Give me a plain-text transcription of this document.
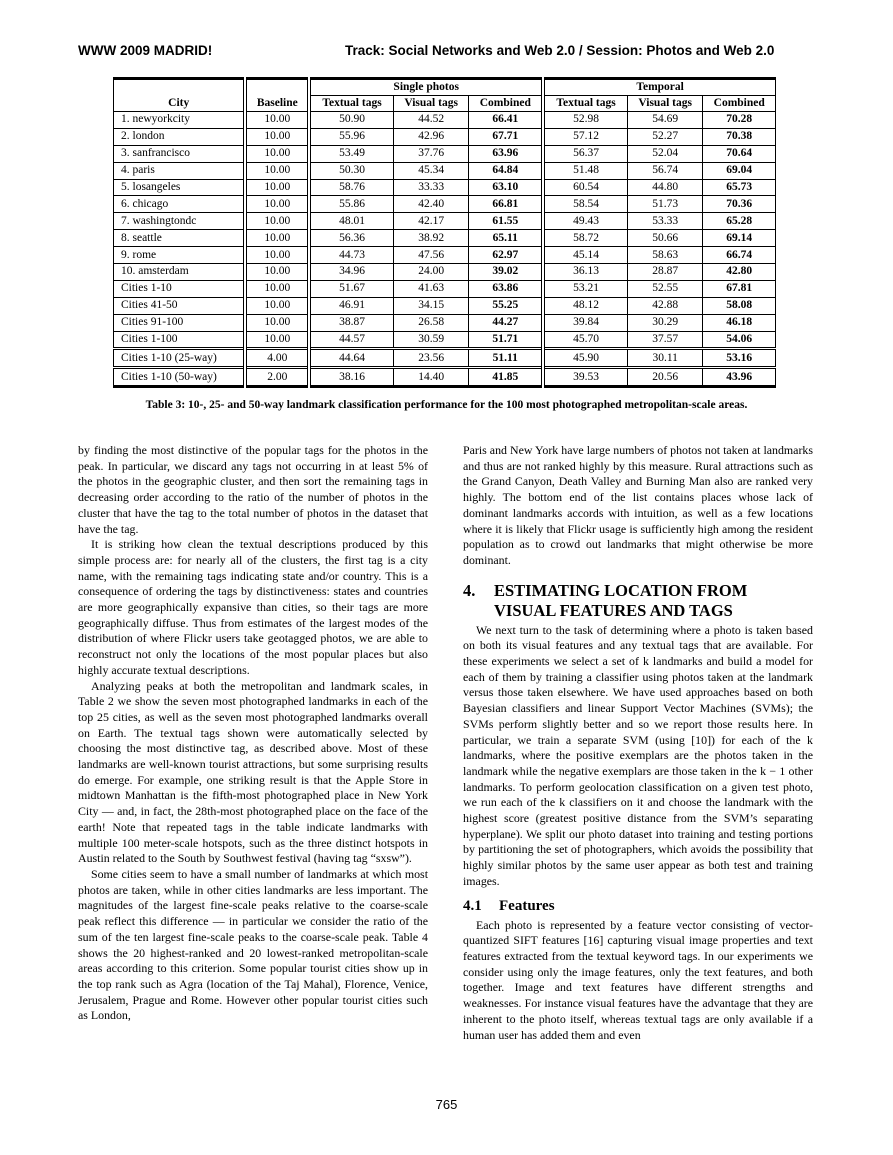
WWW 2009 MADRID!	Track: Social Networks and Web 2.0 / Session: Photos and Web 2.0
		Single photos			Temporal		
City	Baseline	Textual tags	Visual tags	Combined	Textual tags	Visual tags	Combined
1. newyorkcity	10.00	50.90	44.52	66.41	52.98	54.69	70.28
2. london	10.00	55.96	42.96	67.71	57.12	52.27	70.38
3. sanfrancisco	10.00	53.49	37.76	63.96	56.37	52.04	70.64
4. paris	10.00	50.30	45.34	64.84	51.48	56.74	69.04
5. losangeles	10.00	58.76	33.33	63.10	60.54	44.80	65.73
6. chicago	10.00	55.86	42.40	66.81	58.54	51.73	70.36
7. washingtondc	10.00	48.01	42.17	61.55	49.43	53.33	65.28
8. seattle	10.00	56.36	38.92	65.11	58.72	50.66	69.14
9. rome	10.00	44.73	47.56	62.97	45.14	58.63	66.74
10. amsterdam	10.00	34.96	24.00	39.02	36.13	28.87	42.80
Cities 1-10	10.00	51.67	41.63	63.86	53.21	52.55	67.81
Cities 41-50	10.00	46.91	34.15	55.25	48.12	42.88	58.08
Cities 91-100	10.00	38.87	26.58	44.27	39.84	30.29	46.18
Cities 1-100	10.00	44.57	30.59	51.71	45.70	37.57	54.06
Cities 1-10 (25-way)	4.00	44.64	23.56	51.11	45.90	30.11	53.16
Cities 1-10 (50-way)	2.00	38.16	14.40	41.85	39.53	20.56	43.96
Table 3: 10-, 25- and 50-way landmark classification performance for the 100 most photographed metropolitan-scale areas.

by finding the most distinctive of the popular tags for the photos in the peak. In particular, we discard any tags not occurring in at least 5% of the photos in the geographic cluster, and then sort the remaining tags in decreasing order according to the ratio of the number of photos in the cluster that have the tag to the total number of photos in the dataset that have the tag.

It is striking how clean the textual descriptions produced by this simple process are: for nearly all of the clusters, the first tag is a city name, with the remaining tags indicating state and/or country. This is a consequence of ordering the tags by distinctiveness: states and countries are more geographically expansive than cities, so their tags are more geographically diffuse. Thus from estimates of the largest modes of the distribution of where Flickr users take geotagged photos, we are able to reconstruct not only the locations of the most popular places but also highly accurate textual descriptions.

Analyzing peaks at both the metropolitan and landmark scales, in Table 2 we show the seven most photographed landmarks in each of the top 25 cities, as well as the seven most photographed landmarks overall on Earth. The textual tags shown were automatically selected by choosing the most distinctive tag, as described above. Most of these landmarks are well-known tourist attractions, but some surprising results do emerge. For example, one striking result is that the Apple Store in midtown Manhattan is the fifth-most photographed place in New York City — and, in fact, the 28th-most photographed place on the face of the earth! Note that repeated tags in the table indicate landmarks with multiple 100 meter-scale hotspots, such as the three distinct hotspots in Austin related to the South by Southwest festival (having tag “sxsw”).

Some cities seem to have a small number of landmarks at which most photos are taken, while in other cities landmarks are less important. The magnitudes of the largest fine-scale peaks relative to the coarse-scale peak reflect this difference — in particular we consider the ratio of the sum of the ten largest fine-scale peaks to the coarse-scale peak. Table 4 shows the 20 highest-ranked and 20 lowest-ranked metropolitan-scale areas according to this criterion. Some popular tourist cities show up in the top rank such as Agra (location of the Taj Mahal), Florence, Venice, Jerusalem, Prague and Rome. However other popular tourist cities such as London,

Paris and New York have large numbers of photos not taken at landmarks and thus are not ranked highly by this measure. Rural attractions such as the Grand Canyon, Death Valley and Burning Man also are ranked very highly. The bottom end of the list contains places whose lack of dominant landmarks accords with intuition, as well as a few locations where it is likely that Flickr usage is sufficiently high among the resident population as to crowd out landmarks that might otherwise be more dominant.

4. ESTIMATING LOCATION FROM
VISUAL FEATURES AND TAGS

We next turn to the task of determining where a photo is taken based on both its visual features and any textual tags that are available. For these experiments we select a set of k landmarks and build a model for each of them by training a classifier using photos taken at the landmark versus those taken elsewhere. We have used approaches based on both Bayesian classifiers and linear Support Vector Machines (SVMs); the SVMs perform slightly better and so we report those results here. In particular, we train a separate SVM (using [10]) for each of the k landmarks, where the positive exemplars are the photos taken in the landmark while the negative exemplars are those taken in the k − 1 other landmarks. To perform geolocation classification on a given test photo, we run each of the k classifiers on it and choose the landmark with the highest score (greatest positive distance from the SVM’s separating hyperplane). We split our photo dataset into training and testing portions by partitioning the set of photographers, which avoids the possibility that highly similar photos by the same user appear as both test and training images.

4.1 Features

Each photo is represented by a feature vector consisting of vector-quantized SIFT features [16] capturing visual image properties and text features extracted from the textual keyword tags. In our experiments we consider using only the image features, only the text features, and both together. Image and text features have different strengths and weaknesses. For instance visual features have the advantage that they are inherent to the photo itself, whereas textual tags are only available if a human user has added them and even

765
